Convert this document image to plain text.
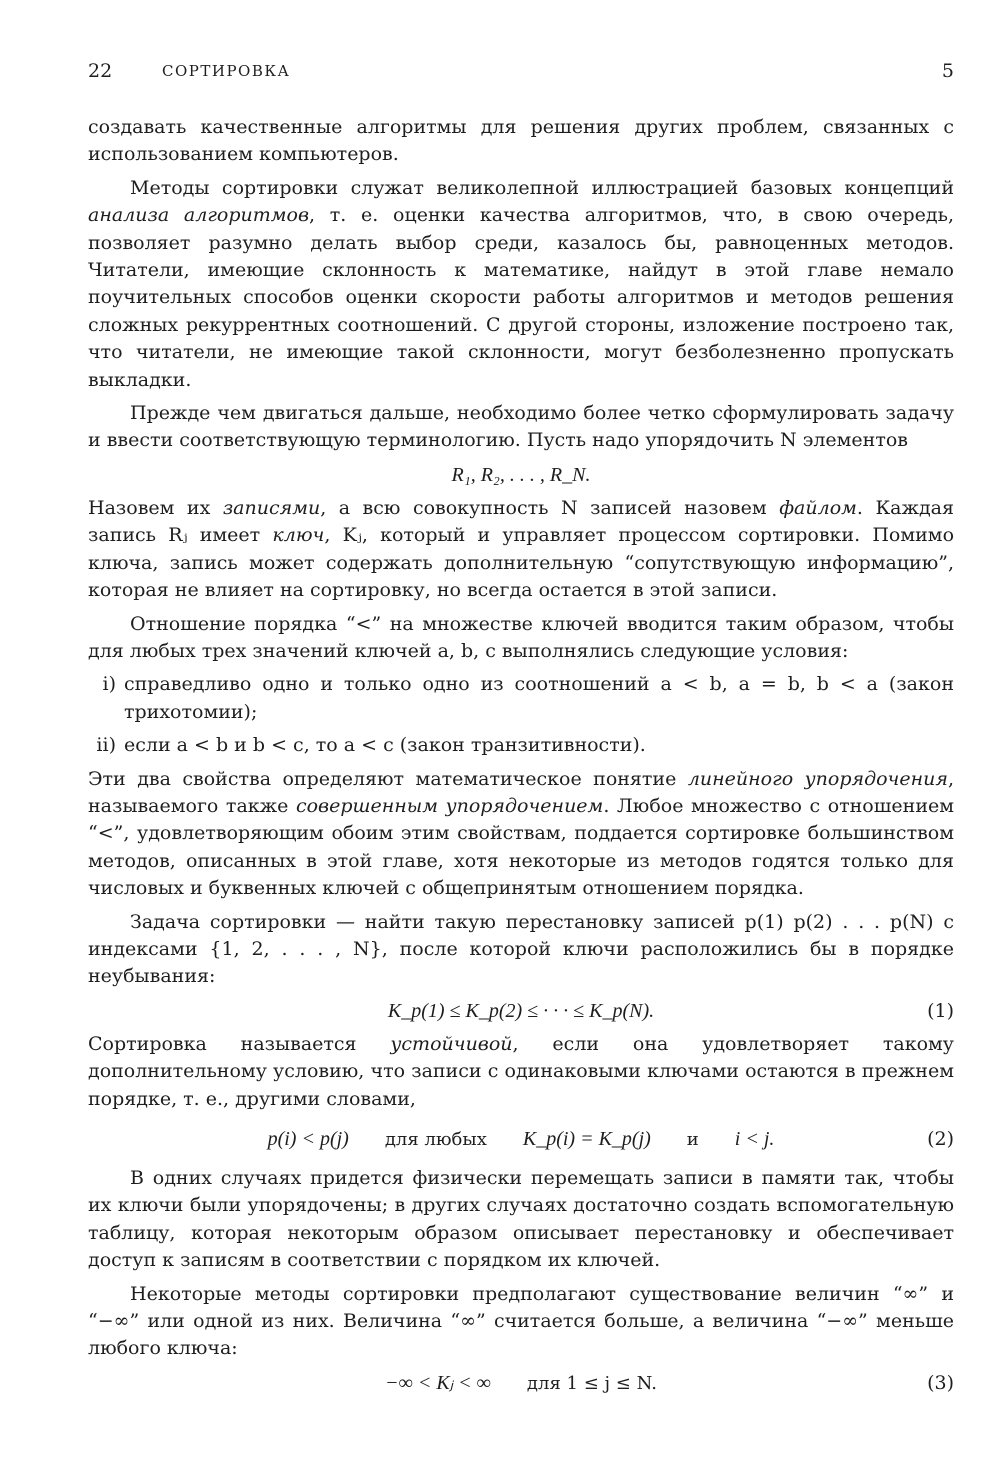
22	СОРТИРОВКА	5

создавать качественные алгоритмы для решения других проблем, связанных с использованием компьютеров.

Методы сортировки служат великолепной иллюстрацией базовых концепций анализа алгоритмов, т. е. оценки качества алгоритмов, что, в свою очередь, позволяет разумно делать выбор среди, казалось бы, равноценных методов. Читатели, имеющие склонность к математике, найдут в этой главе немало поучительных способов оценки скорости работы алгоритмов и методов решения сложных рекуррентных соотношений. С другой стороны, изложение построено так, что читатели, не имеющие такой склонности, могут безболезненно пропускать выкладки.

Прежде чем двигаться дальше, необходимо более четко сформулировать задачу и ввести соответствующую терминологию. Пусть надо упорядочить N элементов

R₁, R₂, . . . , R_N.

Назовем их записями, а всю совокупность N записей назовем файлом. Каждая запись Rⱼ имеет ключ, Kⱼ, который и управляет процессом сортировки. Помимо ключа, запись может содержать дополнительную “сопутствующую информацию”, которая не влияет на сортировку, но всегда остается в этой записи.

Отношение порядка “<” на множестве ключей вводится таким образом, чтобы для любых трех значений ключей a, b, c выполнялись следующие условия:

i) справедливо одно и только одно из соотношений a < b, a = b, b < a (закон трихотомии);
ii) если a < b и b < c, то a < c (закон транзитивности).

Эти два свойства определяют математическое понятие линейного упорядочения, называемого также совершенным упорядочением. Любое множество с отношением “<”, удовлетворяющим обоим этим свойствам, поддается сортировке большинством методов, описанных в этой главе, хотя некоторые из методов годятся только для числовых и буквенных ключей с общепринятым отношением порядка.

Задача сортировки — найти такую перестановку записей p(1) p(2) . . . p(N) с индексами {1, 2, . . . , N}, после которой ключи расположились бы в порядке неубывания:

K_p(1) ≤ K_p(2) ≤ · · · ≤ K_p(N).	(1)

Сортировка называется устойчивой, если она удовлетворяет такому дополнительному условию, что записи с одинаковыми ключами остаются в прежнем порядке, т. е., другими словами,

p(i) < p(j) для любых K_p(i) = K_p(j) и i < j.	(2)

В одних случаях придется физически перемещать записи в памяти так, чтобы их ключи были упорядочены; в других случаях достаточно создать вспомогательную таблицу, которая некоторым образом описывает перестановку и обеспечивает доступ к записям в соответствии с порядком их ключей.

Некоторые методы сортировки предполагают существование величин “∞” и “−∞” или одной из них. Величина “∞” считается больше, а величина “−∞” меньше любого ключа:

−∞ < Kⱼ < ∞ для 1 ≤ j ≤ N.	(3)
